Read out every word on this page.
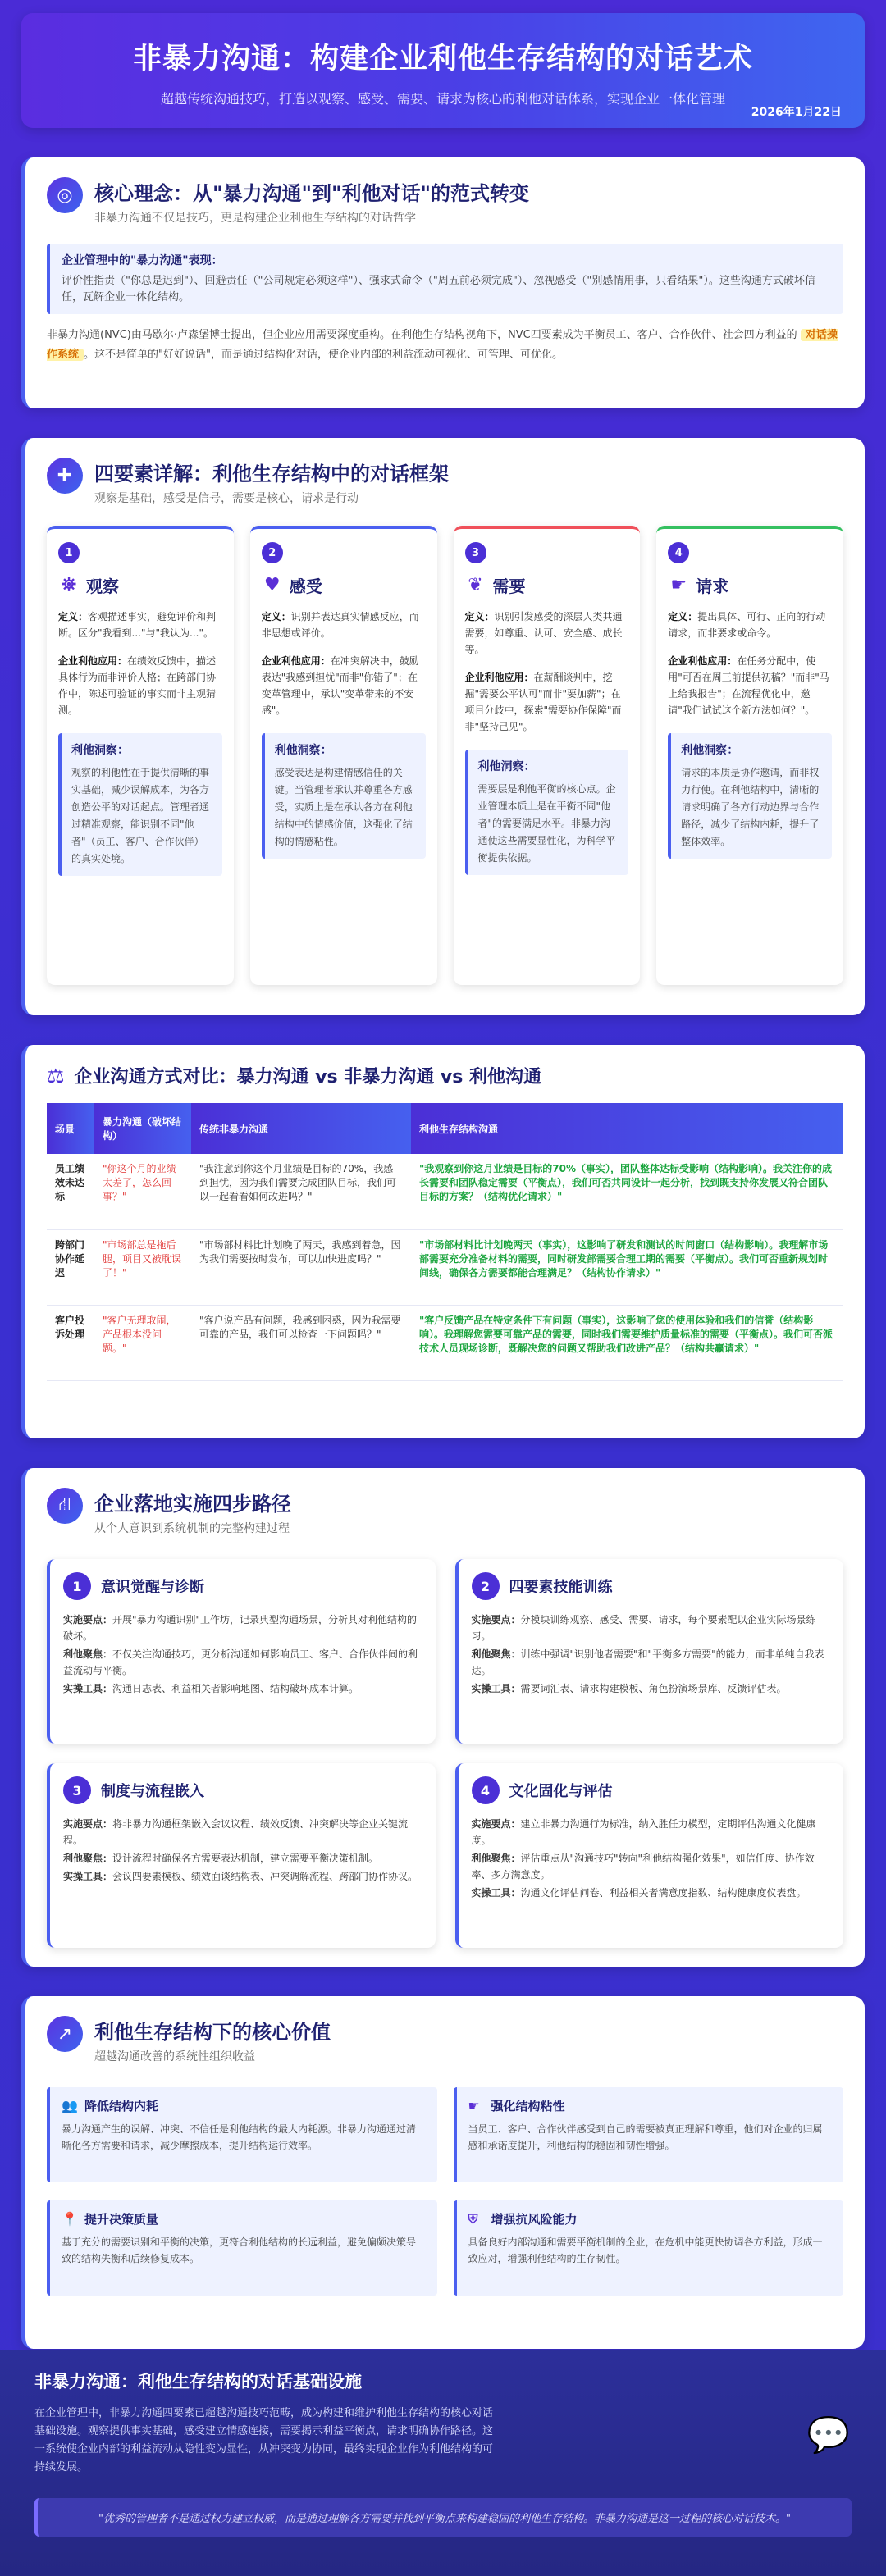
非暴力沟通：构建企业利他生存结构的对话艺术
超越传统沟通技巧，打造以观察、感受、需要、请求为核心的利他对话体系，实现企业一体化管理
2026年1月22日
◎	核心理念：从"暴力沟通"到"利他对话"的范式转变
非暴力沟通不仅是技巧，更是构建企业利他生存结构的对话哲学
企业管理中的"暴力沟通"表现：
评价性指责（"你总是迟到"）、回避责任（"公司规定必须这样"）、强求式命令（"周五前必须完成"）、忽视感受（"别感情用事，只看结果"）。这些沟通方式破坏信任，瓦解企业一体化结构。
非暴力沟通(NVC)由马歇尔·卢森堡博士提出，但企业应用需要深度重构。在利他生存结构视角下，NVC四要素成为平衡员工、客户、合作伙伴、社会四方利益的 对话操作系统 。这不是简单的"好好说话"，而是通过结构化对话，使企业内部的利益流动可视化、可管理、可优化。
✚	四要素详解：利他生存结构中的对话框架
观察是基础，感受是信号，需要是核心，请求是行动
1
⛯ 观察

定义：客观描述事实，避免评价和判断。区分"我看到..."与"我认为..."。

企业利他应用：在绩效反馈中，描述具体行为而非评价人格；在跨部门协作中，陈述可验证的事实而非主观猜测。

利他洞察：
观察的利他性在于提供清晰的事实基础，减少误解成本，为各方创造公平的对话起点。管理者通过精准观察，能识别不同"他者"（员工、客户、合作伙伴）的真实处境。
2
♥ 感受

定义：识别并表达真实情感反应，而非思想或评价。

企业利他应用：在冲突解决中，鼓励表达"我感到担忧"而非"你错了"；在变革管理中，承认"变革带来的不安感"。

利他洞察：
感受表达是构建情感信任的关键。当管理者承认并尊重各方感受，实质上是在承认各方在利他结构中的情感价值，这强化了结构的情感粘性。
3
❦ 需要

定义：识别引发感受的深层人类共通需要，如尊重、认可、安全感、成长等。

企业利他应用：在薪酬谈判中，挖掘"需要公平认可"而非"要加薪"；在项目分歧中，探索"需要协作保障"而非"坚持己见"。

利他洞察：
需要层是利他平衡的核心点。企业管理本质上是在平衡不同"他者"的需要满足水平。非暴力沟通使这些需要显性化，为科学平衡提供依据。
4
☛ 请求

定义：提出具体、可行、正向的行动请求，而非要求或命令。

企业利他应用：在任务分配中，使用"可否在周三前提供初稿？"而非"马上给我报告"；在流程优化中，邀请"我们试试这个新方法如何？"。

利他洞察：
请求的本质是协作邀请，而非权力行使。在利他结构中，清晰的请求明确了各方行动边界与合作路径，减少了结构内耗，提升了整体效率。
⚖ 企业沟通方式对比：暴力沟通 vs 非暴力沟通 vs 利他沟通
场景	暴力沟通（破坏结构）	传统非暴力沟通	利他生存结构沟通
员工绩效未达标	"你这个月的业绩太差了，怎么回事？"	"我注意到你这个月业绩是目标的70%，我感到担忧，因为我们需要完成团队目标，我们可以一起看看如何改进吗？"	"我观察到你这月业绩是目标的70%（事实），团队整体达标受影响（结构影响）。我关注你的成长需要和团队稳定需要（平衡点），我们可否共同设计一起分析，找到既支持你发展又符合团队目标的方案？（结构优化请求）"
跨部门协作延迟	"市场部总是拖后腿，项目又被耽误了！"	"市场部材料比计划晚了两天，我感到着急，因为我们需要按时发布，可以加快进度吗？"	"市场部材料比计划晚两天（事实），这影响了研发和测试的时间窗口（结构影响）。我理解市场部需要充分准备材料的需要，同时研发部需要合理工期的需要（平衡点）。我们可否重新规划时间线，确保各方需要都能合理满足？（结构协作请求）"
客户投诉处理	"客户无理取闹，产品根本没问题。"	"客户说产品有问题，我感到困惑，因为我需要可靠的产品，我们可以检查一下问题吗？"	"客户反馈产品在特定条件下有问题（事实），这影响了您的使用体验和我们的信誉（结构影响）。我理解您需要可靠产品的需要，同时我们需要维护质量标准的需要（平衡点）。我们可否派技术人员现场诊断，既解决您的问题又帮助我们改进产品？（结构共赢请求）"
⛙	企业落地实施四步路径
从个人意识到系统机制的完整构建过程
1	意识觉醒与诊断

实施要点：开展"暴力沟通识别"工作坊，记录典型沟通场景，分析其对利他结构的破坏。

利他聚焦：不仅关注沟通技巧，更分析沟通如何影响员工、客户、合作伙伴间的利益流动与平衡。

实操工具：沟通日志表、利益相关者影响地图、结构破坏成本计算。

2	四要素技能训练

实施要点：分模块训练观察、感受、需要、请求，每个要素配以企业实际场景练习。

利他聚焦：训练中强调"识别他者需要"和"平衡多方需要"的能力，而非单纯自我表达。

实操工具：需要词汇表、请求构建模板、角色扮演场景库、反馈评估表。

3	制度与流程嵌入

实施要点：将非暴力沟通框架嵌入会议议程、绩效反馈、冲突解决等企业关键流程。

利他聚焦：设计流程时确保各方需要表达机制，建立需要平衡决策机制。

实操工具：会议四要素模板、绩效面谈结构表、冲突调解流程、跨部门协作协议。

4	文化固化与评估

实施要点：建立非暴力沟通行为标准，纳入胜任力模型，定期评估沟通文化健康度。

利他聚焦：评估重点从"沟通技巧"转向"利他结构强化效果"，如信任度、协作效率、多方满意度。

实操工具：沟通文化评估问卷、利益相关者满意度指数、结构健康度仪表盘。

↗	利他生存结构下的核心价值
超越沟通改善的系统性组织收益
👥 降低结构内耗
暴力沟通产生的误解、冲突、不信任是利他结构的最大内耗源。非暴力沟通通过清晰化各方需要和请求，减少摩擦成本，提升结构运行效率。
☛ 强化结构粘性
当员工、客户、合作伙伴感受到自己的需要被真正理解和尊重，他们对企业的归属感和承诺度提升，利他结构的稳固和韧性增强。
📍 提升决策质量
基于充分的需要识别和平衡的决策，更符合利他结构的长远利益，避免偏颇决策导致的结构失衡和后续修复成本。
⛨	增强抗风险能力
具备良好内部沟通和需要平衡机制的企业，在危机中能更快协调各方利益，形成一致应对，增强利他结构的生存韧性。
非暴力沟通：利他生存结构的对话基础设施
在企业管理中，非暴力沟通四要素已超越沟通技巧范畴，成为构建和维护利他生存结构的核心对话基础设施。观察提供事实基础，感受建立情感连接，需要揭示利益平衡点，请求明确协作路径。这一系统使企业内部的利益流动从隐性变为显性，从冲突变为协同，最终实现企业作为利他结构的可持续发展。
💬
"优秀的管理者不是通过权力建立权威，而是通过理解各方需要并找到平衡点来构建稳固的利他生存结构。非暴力沟通是这一过程的核心对话技术。"
